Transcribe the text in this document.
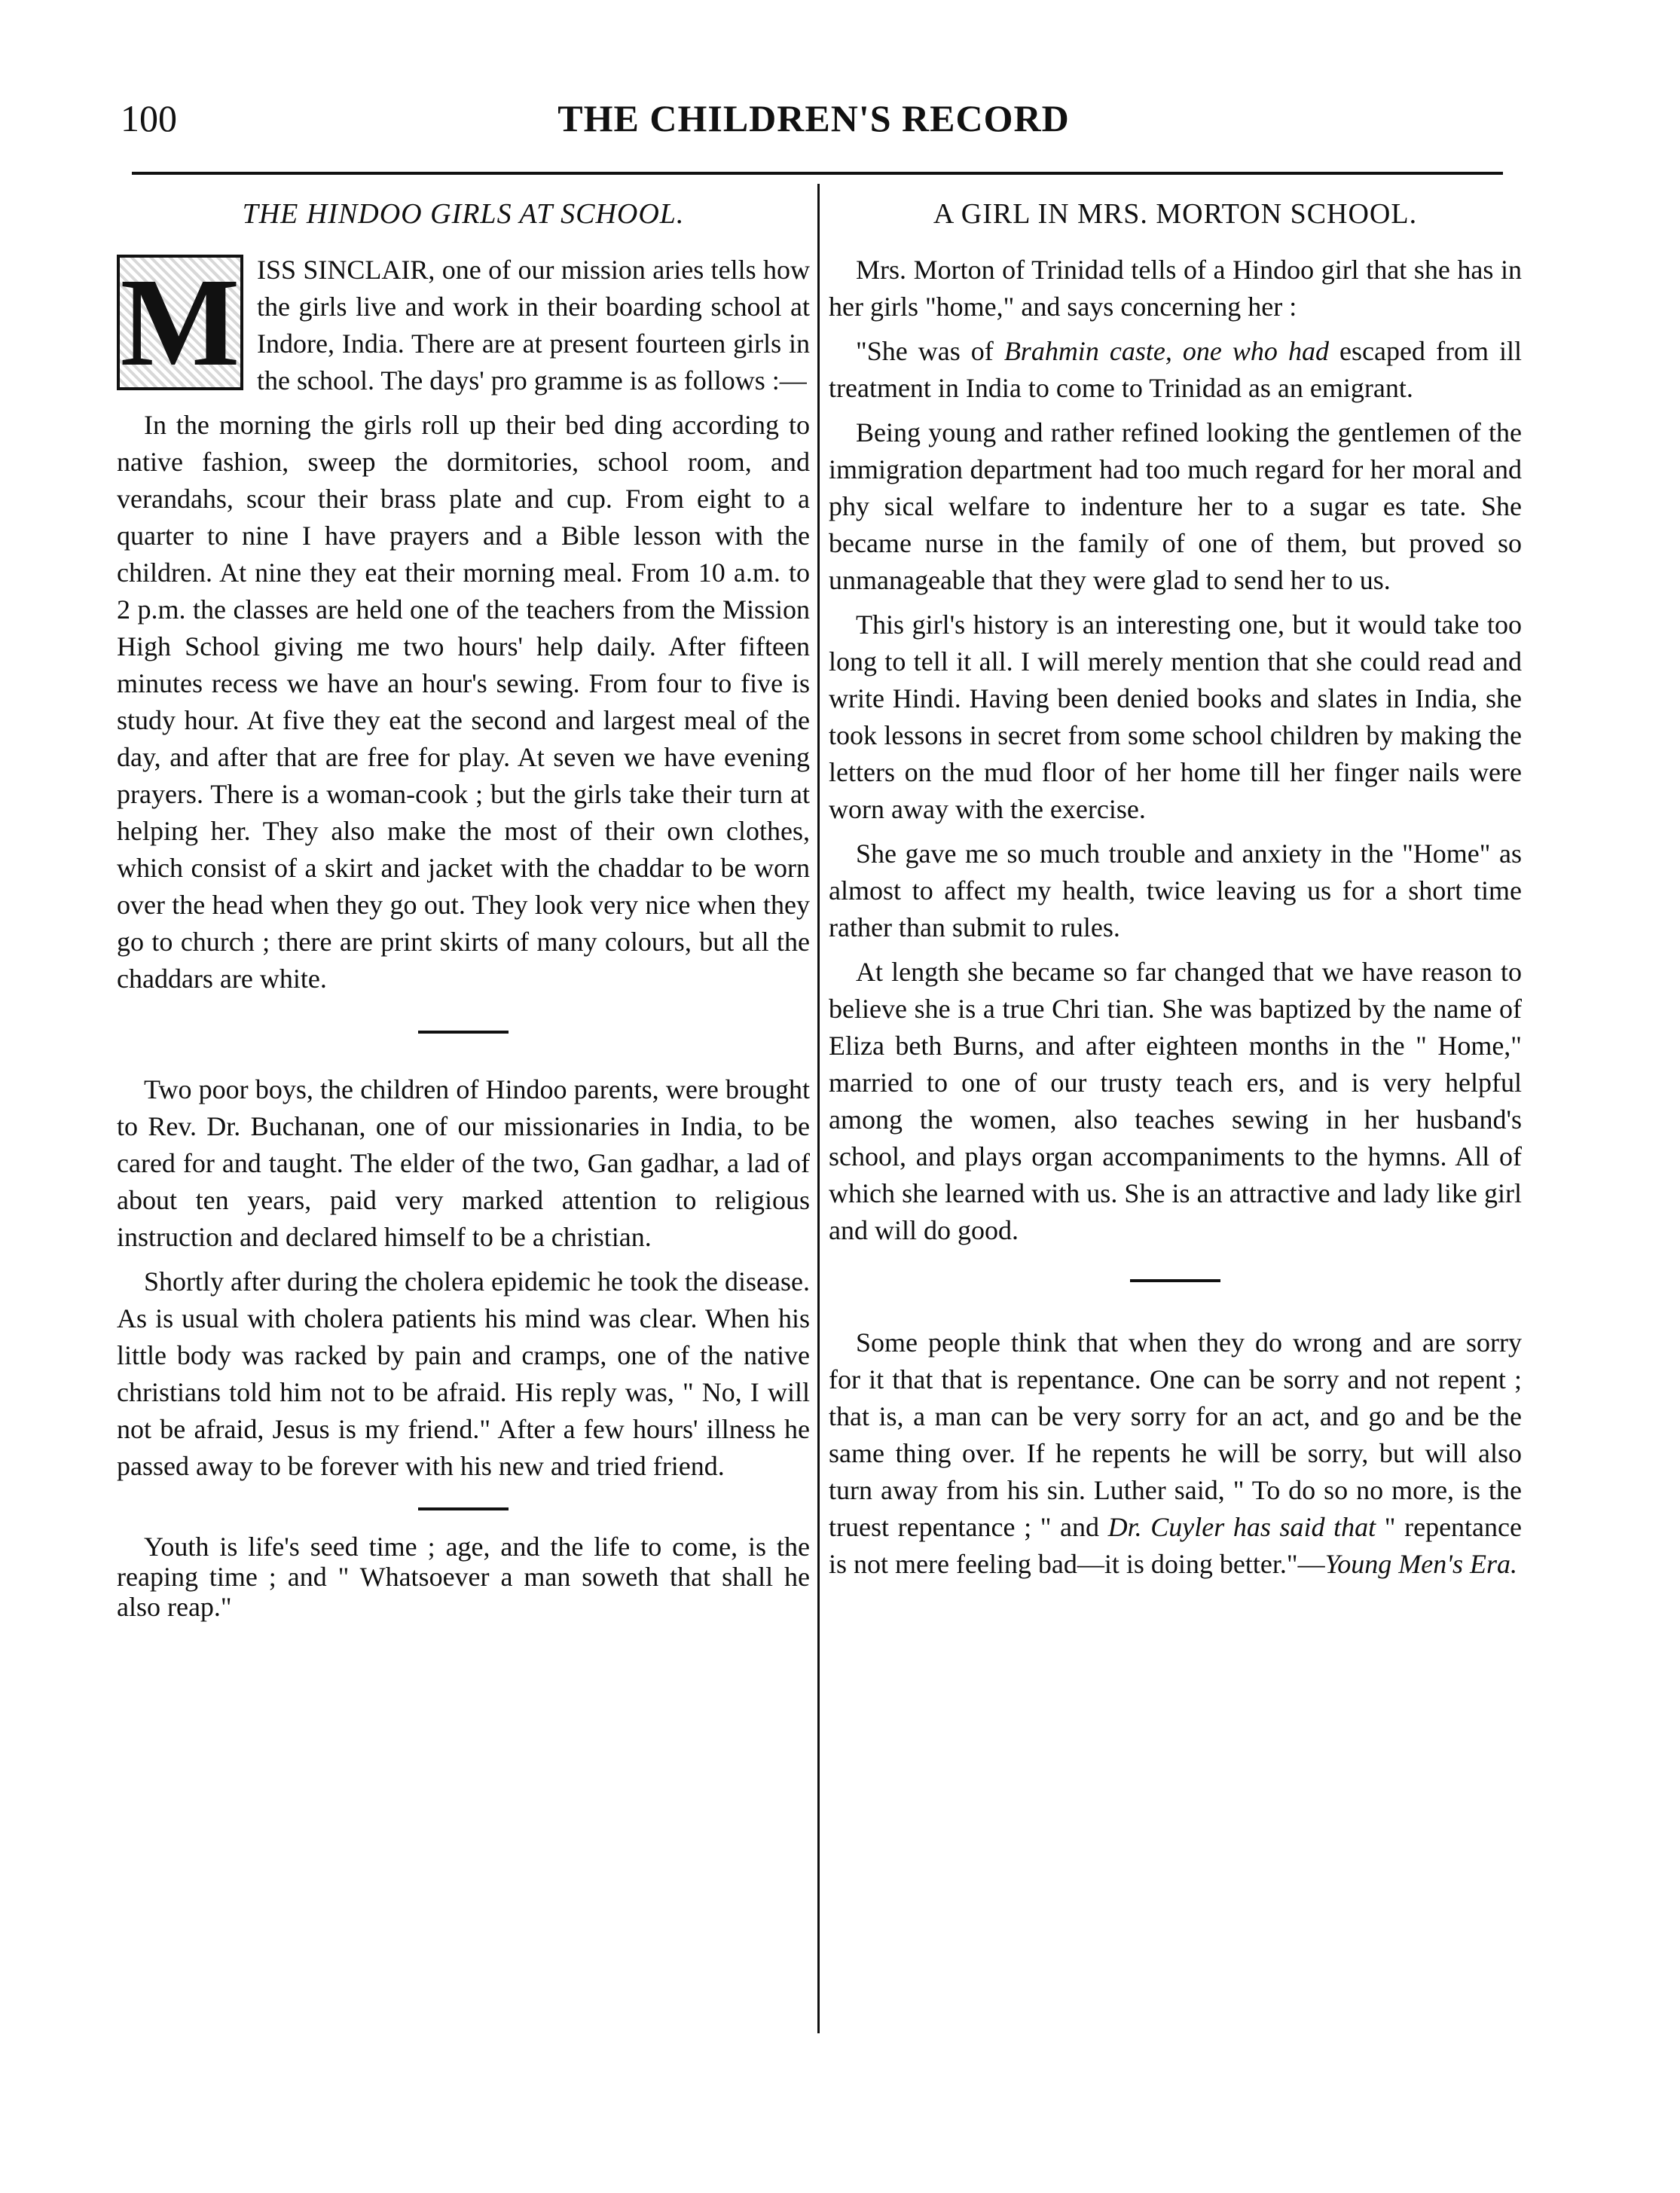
100	THE CHILDREN'S RECORD
THE HINDOO GIRLS AT SCHOOL.
M ISS SINCLAIR, one of our mission aries tells how the girls live and work in their boarding school at Indore, India. There are at present fourteen girls in the school. The days' pro gramme is as follows :—

In the morning the girls roll up their bed ding according to native fashion, sweep the dormitories, school room, and verandahs, scour their brass plate and cup. From eight to a quarter to nine I have prayers and a Bible lesson with the children. At nine they eat their morning meal. From 10 a.m. to 2 p.m. the classes are held one of the teachers from the Mission High School giving me two hours' help daily. After fifteen minutes recess we have an hour's sewing. From four to five is study hour. At five they eat the second and largest meal of the day, and after that are free for play. At seven we have evening prayers. There is a woman-cook ; but the girls take their turn at helping her. They also make the most of their own clothes, which consist of a skirt and jacket with the chaddar to be worn over the head when they go out. They look very nice when they go to church ; there are print skirts of many colours, but all the chaddars are white.

Two poor boys, the children of Hindoo parents, were brought to Rev. Dr. Buchanan, one of our missionaries in India, to be cared for and taught. The elder of the two, Gan gadhar, a lad of about ten years, paid very marked attention to religious instruction and declared himself to be a christian.

Shortly after during the cholera epidemic he took the disease. As is usual with cholera patients his mind was clear. When his little body was racked by pain and cramps, one of the native christians told him not to be afraid. His reply was, " No, I will not be afraid, Jesus is my friend." After a few hours' illness he passed away to be forever with his new and tried friend.

Youth is life's seed time ; age, and the life to come, is the reaping time ; and " Whatsoever a man soweth that shall he also reap."

A GIRL IN MRS. MORTON SCHOOL.

Mrs. Morton of Trinidad tells of a Hindoo girl that she has in her girls "home," and says concerning her :

"She was of Brahmin caste, one who had escaped from ill treatment in India to come to Trinidad as an emigrant.

Being young and rather refined looking the gentlemen of the immigration department had too much regard for her moral and phy sical welfare to indenture her to a sugar es tate. She became nurse in the family of one of them, but proved so unmanageable that they were glad to send her to us.

This girl's history is an interesting one, but it would take too long to tell it all. I will merely mention that she could read and write Hindi. Having been denied books and slates in India, she took lessons in secret from some school children by making the letters on the mud floor of her home till her finger nails were worn away with the exercise.

She gave me so much trouble and anxiety in the "Home" as almost to affect my health, twice leaving us for a short time rather than submit to rules.

At length she became so far changed that we have reason to believe she is a true Chri tian. She was baptized by the name of Eliza beth Burns, and after eighteen months in the " Home," married to one of our trusty teach ers, and is very helpful among the women, also teaches sewing in her husband's school, and plays organ accompaniments to the hymns. All of which she learned with us. She is an attractive and lady like girl and will do good.

Some people think that when they do wrong and are sorry for it that that is repentance. One can be sorry and not repent ; that is, a man can be very sorry for an act, and go and be the same thing over. If he repents he will be sorry, but will also turn away from his sin. Luther said, " To do so no more, is the truest repentance ; " and Dr. Cuyler has said that " repentance is not mere feeling bad—it is doing better."—Young Men's Era.
